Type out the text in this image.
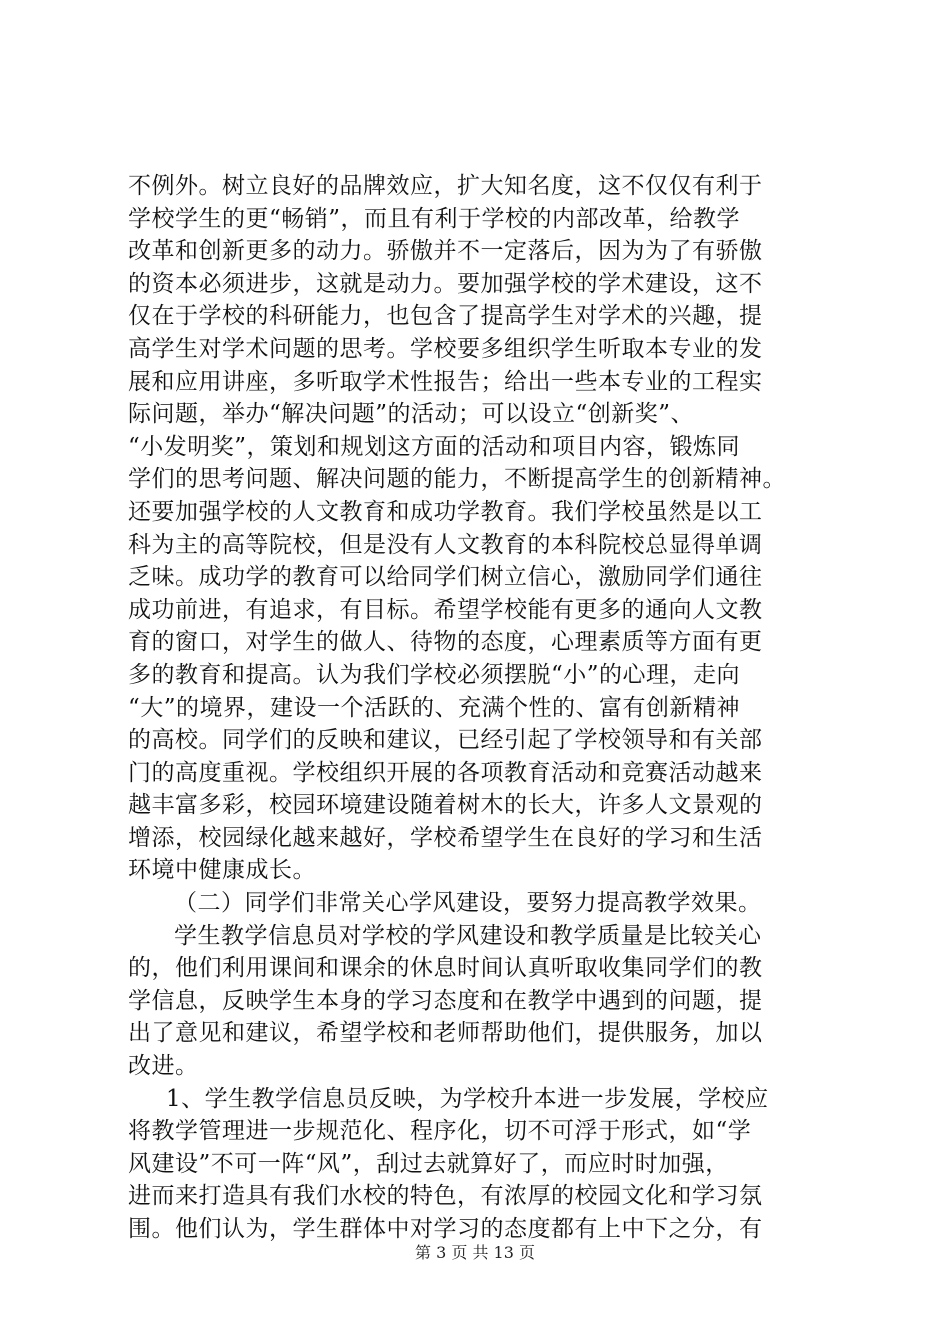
不例外。树立良好的品牌效应，扩大知名度，这不仅仅有利于
学校学生的更“畅销”，而且有利于学校的内部改革，给教学
改革和创新更多的动力。骄傲并不一定落后，因为为了有骄傲
的资本必须进步，这就是动力。要加强学校的学术建设，这不
仅在于学校的科研能力，也包含了提高学生对学术的兴趣，提
高学生对学术问题的思考。学校要多组织学生听取本专业的发
展和应用讲座，多听取学术性报告；给出一些本专业的工程实
际问题，举办“解决问题”的活动；可以设立“创新奖”、
“小发明奖”，策划和规划这方面的活动和项目内容，锻炼同
学们的思考问题、解决问题的能力，不断提高学生的创新精神。
还要加强学校的人文教育和成功学教育。我们学校虽然是以工
科为主的高等院校，但是没有人文教育的本科院校总显得单调
乏味。成功学的教育可以给同学们树立信心，激励同学们通往
成功前进，有追求，有目标。希望学校能有更多的通向人文教
育的窗口，对学生的做人、待物的态度，心理素质等方面有更
多的教育和提高。认为我们学校必须摆脱“小”的心理，走向
“大”的境界，建设一个活跃的、充满个性的、富有创新精神
的高校。同学们的反映和建议，已经引起了学校领导和有关部
门的高度重视。学校组织开展的各项教育活动和竞赛活动越来
越丰富多彩，校园环境建设随着树木的长大，许多人文景观的
增添，校园绿化越来越好，学校希望学生在良好的学习和生活
环境中健康成长。
（二）同学们非常关心学风建设，要努力提高教学效果。
学生教学信息员对学校的学风建设和教学质量是比较关心
的，他们利用课间和课余的休息时间认真听取收集同学们的教
学信息，反映学生本身的学习态度和在教学中遇到的问题，提
出了意见和建议，希望学校和老师帮助他们，提供服务，加以
改进。
1、学生教学信息员反映，为学校升本进一步发展，学校应
将教学管理进一步规范化、程序化，切不可浮于形式，如“学
风建设”不可一阵“风”，刮过去就算好了，而应时时加强，
进而来打造具有我们水校的特色，有浓厚的校园文化和学习氛
围。他们认为，学生群体中对学习的态度都有上中下之分，有
第 3 页 共 13 页
